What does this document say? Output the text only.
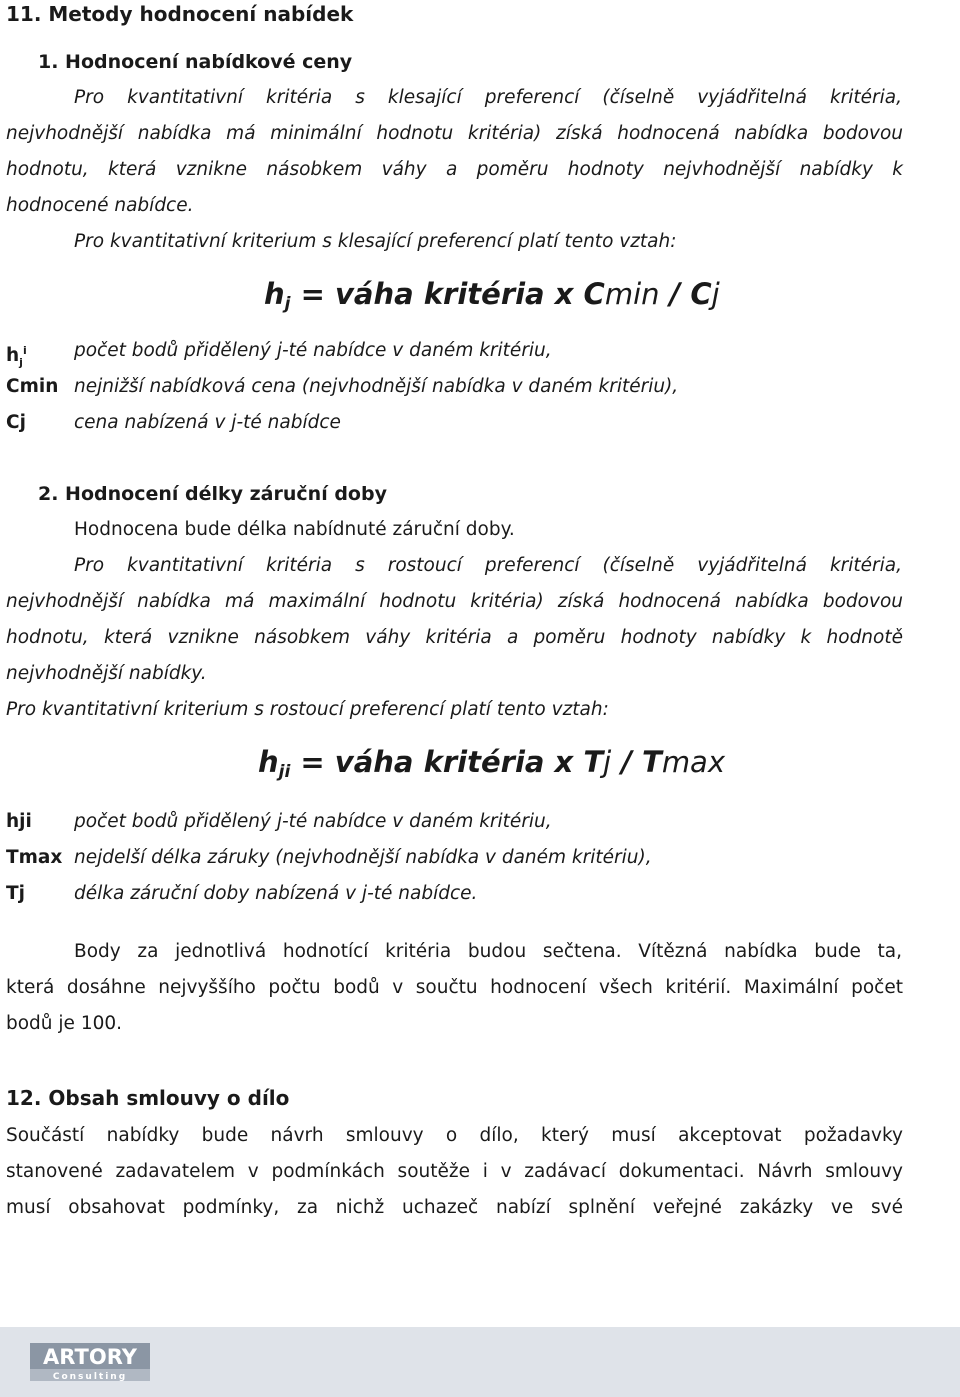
11. Metody hodnocení nabídek
1. Hodnocení nabídkové ceny
Pro kvantitativní kritéria s klesající preferencí (číselně vyjádřitelná kritéria,
nejvhodnější nabídka má minimální hodnotu kritéria) získá hodnocená nabídka bodovou
hodnotu, která vznikne násobkem váhy a poměru hodnoty nejvhodnější nabídky k
hodnocené nabídce.
Pro kvantitativní kriterium s klesající preferencí platí tento vztah:
hj = váha kritéria x Cmin / Cj
$h_j^i$	počet bodů přidělený j-té nabídce v daném kritériu,
Cmin nejnižší nabídková cena (nejvhodnější nabídka v daném kritériu),
Cj	cena nabízená v j-té nabídce
2. Hodnocení délky záruční doby
Hodnocena bude délka nabídnuté záruční doby.
Pro kvantitativní kritéria s rostoucí preferencí (číselně vyjádřitelná kritéria,
nejvhodnější nabídka má maximální hodnotu kritéria) získá hodnocená nabídka bodovou
hodnotu, která vznikne násobkem váhy kritéria a poměru hodnoty nabídky k hodnotě
nejvhodnější nabídky.
Pro kvantitativní kriterium s rostoucí preferencí platí tento vztah:
hji = váha kritéria x Tj / Tmax
hji počet bodů přidělený j-té nabídce v daném kritériu,
Tmax nejdelší délka záruky (nejvhodnější nabídka v daném kritériu),
Tj	délka záruční doby nabízená v j-té nabídce.
Body za jednotlivá hodnotící kritéria budou sečtena. Vítězná nabídka bude ta,
která dosáhne nejvyššího počtu bodů v součtu hodnocení všech kritérií. Maximální počet
bodů je 100.
12. Obsah smlouvy o dílo
Součástí nabídky bude návrh smlouvy o dílo, který musí akceptovat požadavky
stanovené zadavatelem v podmínkách soutěže i v zadávací dokumentaci. Návrh smlouvy
musí obsahovat podmínky, za nichž uchazeč nabízí splnění veřejné zakázky ve své
ARTORY
Consulting
